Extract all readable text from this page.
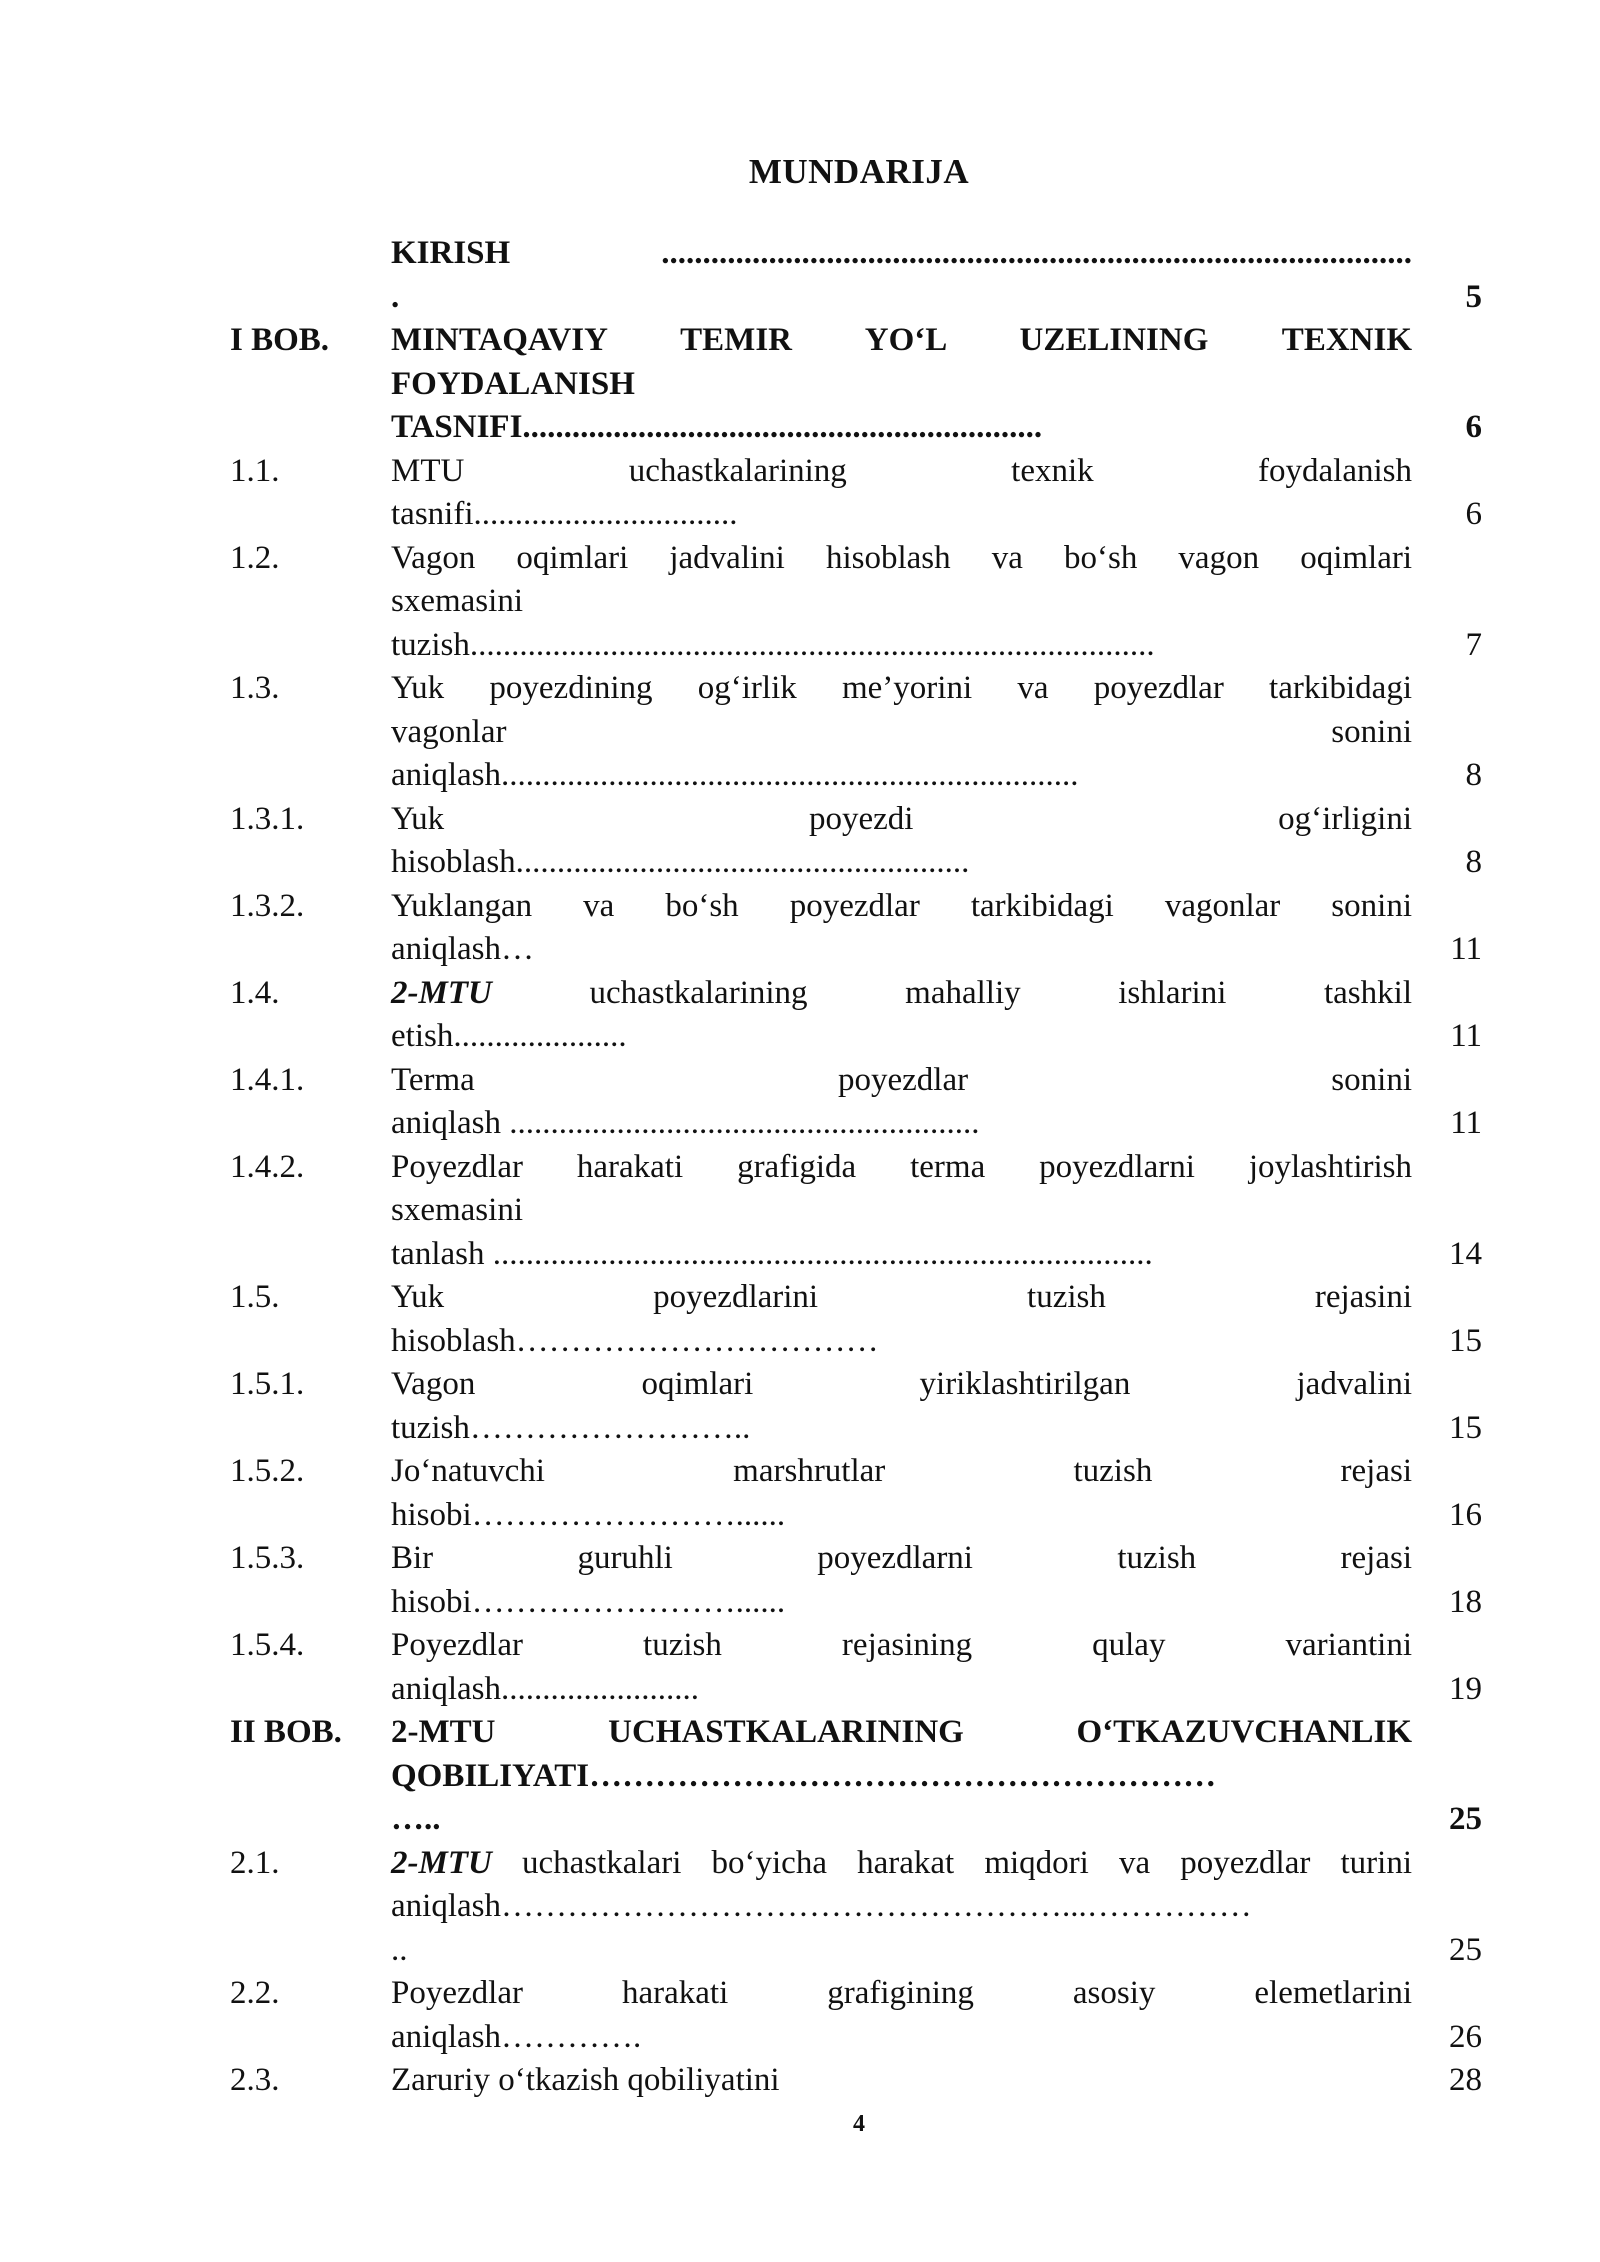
MUNDARIJA
KIRISH ...........................................................................................
.	5
I BOB.	MINTAQAVIY TEMIR YO‘L UZELINING TEXNIK
FOYDALANISH
TASNIFI...............................................................	6
1.1.	MTU uchastkalarining texnik foydalanish
tasnifi................................	6
1.2.	Vagon oqimlari jadvalini hisoblash va bo‘sh vagon oqimlari
sxemasini
tuzish...................................................................................	7
1.3.	Yuk poyezdining og‘irlik me’yorini va poyezdlar tarkibidagi
vagonlar sonini
aniqlash......................................................................	8
1.3.1.	Yuk poyezdi og‘irligini
hisoblash.......................................................	8
1.3.2.	Yuklangan va bo‘sh poyezdlar tarkibidagi vagonlar sonini
aniqlash…	11
1.4.	2-MTU uchastkalarining mahalliy ishlarini tashkil
etish.....................	11
1.4.1.	Terma poyezdlar sonini
aniqlash .........................................................	11
1.4.2.	Poyezdlar harakati grafigida terma poyezdlarni joylashtirish
sxemasini
tanlash ................................................................................	14
1.5.	Yuk poyezdlarini tuzish rejasini
hisoblash……………………………	15
1.5.1.	Vagon oqimlari yiriklashtirilgan jadvalini
tuzish……………………..	15
1.5.2.	Jo‘natuvchi marshrutlar tuzish rejasi
hisobi……………………......	16
1.5.3.	Bir guruhli poyezdlarni tuzish rejasi
hisobi……………………......	18
1.5.4.	Poyezdlar tuzish rejasining qulay variantini
aniqlash........................	19
II BOB.	2-MTU UCHASTKALARINING O‘TKAZUVCHANLIK
QOBILIYATI…………………………………………………
…..	25
2.1.	2-MTU uchastkalari bo‘yicha harakat miqdori va poyezdlar turini
aniqlash……………………………………………...……………
..	25
2.2.	Poyezdlar harakati grafigining asosiy elemetlarini
aniqlash………….	26
2.3.	Zaruriy o‘tkazish qobiliyatini	28
4
